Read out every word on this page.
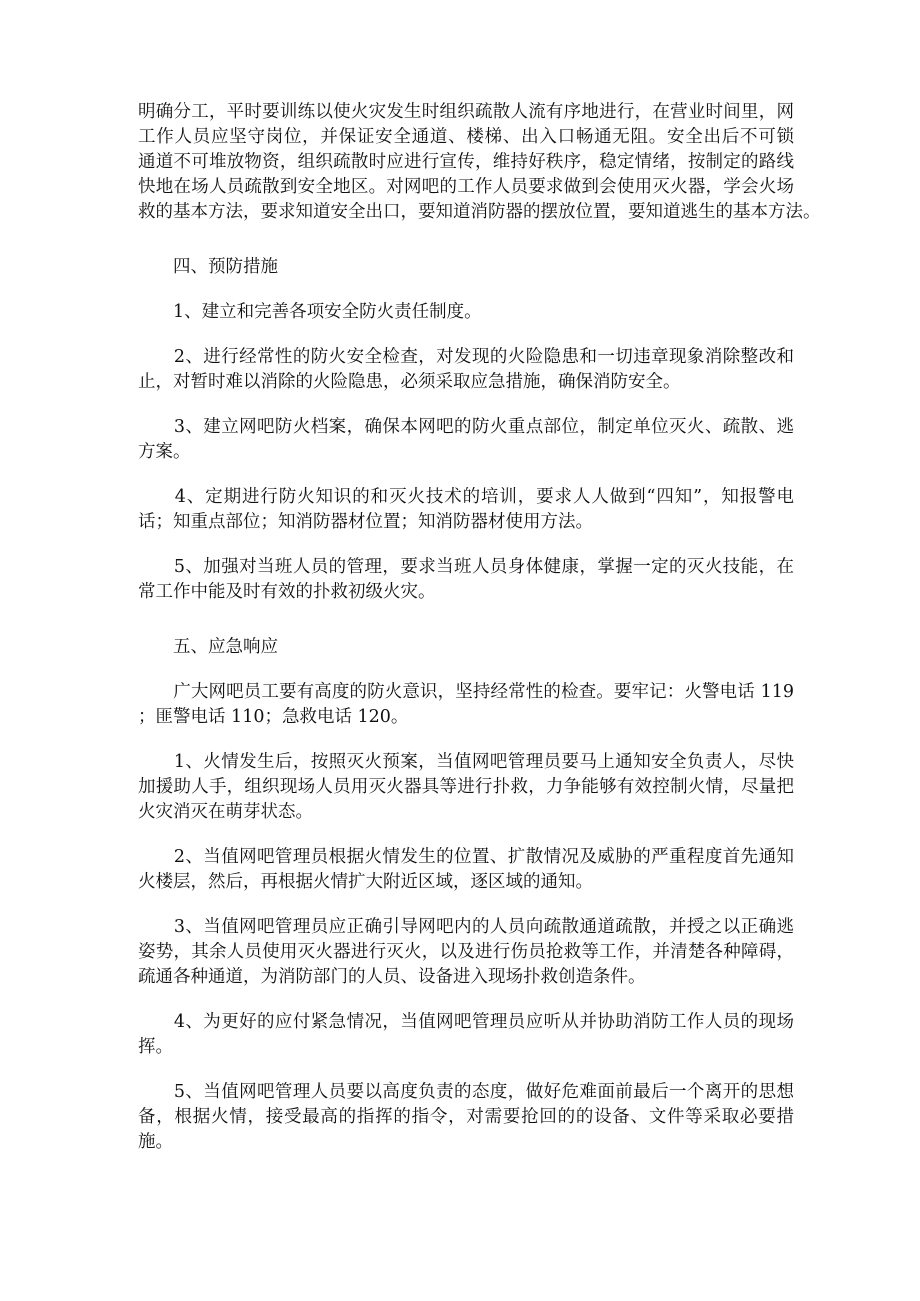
明确分工，平时要训练以使火灾发生时组织疏散人流有序地进行，在营业时间里，网
工作人员应坚守岗位，并保证安全通道、楼梯、出入口畅通无阻。安全出后不可锁
通道不可堆放物资，组织疏散时应进行宣传，维持好秩序，稳定情绪，按制定的路线
快地在场人员疏散到安全地区。对网吧的工作人员要求做到会使用灭火器，学会火场
救的基本方法，要求知道安全出口，要知道消防器的摆放位置，要知道逃生的基本方法。
　　四、预防措施
　　1、建立和完善各项安全防火责任制度。
　　2、进行经常性的防火安全检查，对发现的火险隐患和一切违章现象消除整改和
止，对暂时难以消除的火险隐患，必须采取应急措施，确保消防安全。
　　3、建立网吧防火档案，确保本网吧的防火重点部位，制定单位灭火、疏散、逃
方案。
　　4、定期进行防火知识的和灭火技术的培训，要求人人做到“四知”，知报警电
话；知重点部位；知消防器材位置；知消防器材使用方法。
　　5、加强对当班人员的管理，要求当班人员身体健康，掌握一定的灭火技能，在
常工作中能及时有效的扑救初级火灾。
　　五、应急响应
　　广大网吧员工要有高度的防火意识，坚持经常性的检查。要牢记：火警电话 119
；匪警电话 110；急救电话 120。
　　1、火情发生后，按照灭火预案，当值网吧管理员要马上通知安全负责人，尽快
加援助人手，组织现场人员用灭火器具等进行扑救，力争能够有效控制火情，尽量把
火灾消灭在萌芽状态。
　　2、当值网吧管理员根据火情发生的位置、扩散情况及威胁的严重程度首先通知
火楼层，然后，再根据火情扩大附近区域，逐区域的通知。
　　3、当值网吧管理员应正确引导网吧内的人员向疏散通道疏散，并授之以正确逃
姿势，其余人员使用灭火器进行灭火，以及进行伤员抢救等工作，并清楚各种障碍，
疏通各种通道，为消防部门的人员、设备进入现场扑救创造条件。
　　4、为更好的应付紧急情况，当值网吧管理员应听从并协助消防工作人员的现场
挥。
　　5、当值网吧管理人员要以高度负责的态度，做好危难面前最后一个离开的思想
备，根据火情，接受最高的指挥的指令，对需要抢回的的设备、文件等采取必要措
施。
